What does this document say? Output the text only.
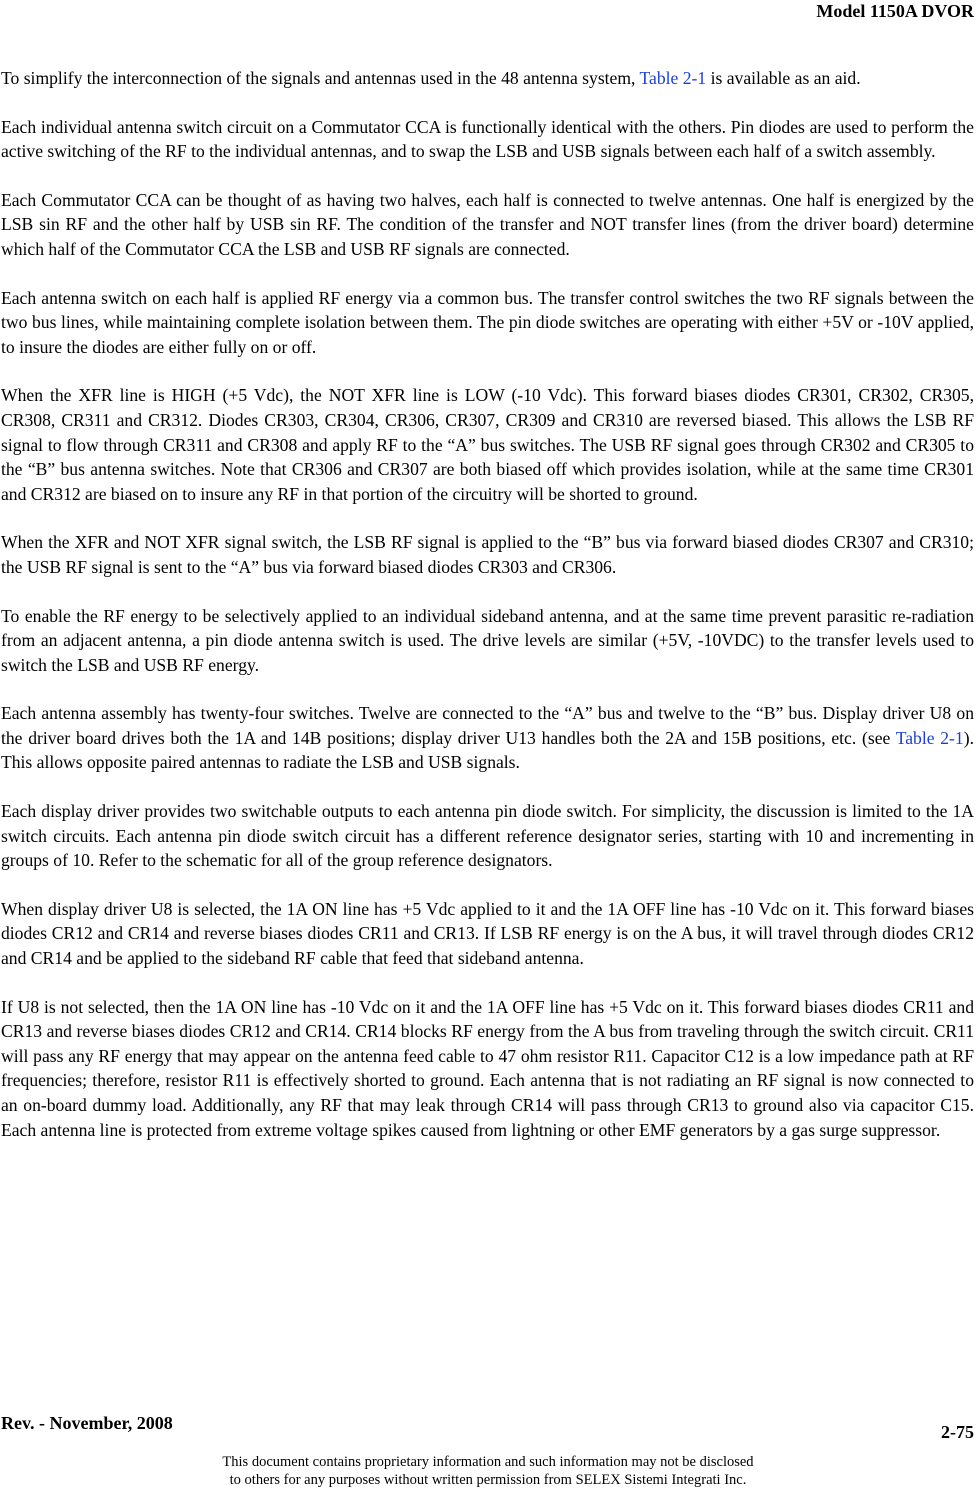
Model 1150A DVOR

To simplify the interconnection of the signals and antennas used in the 48 antenna system, Table 2-1 is available as an aid.

Each individual antenna switch circuit on a Commutator CCA is functionally identical with the others. Pin diodes are used to perform the active switching of the RF to the individual antennas, and to swap the LSB and USB signals between each half of a switch assembly.

Each Commutator CCA can be thought of as having two halves, each half is connected to twelve antennas. One half is energized by the LSB sin RF and the other half by USB sin RF. The condition of the transfer and NOT transfer lines (from the driver board) determine which half of the Commutator CCA the LSB and USB RF signals are connected.

Each antenna switch on each half is applied RF energy via a common bus. The transfer control switches the two RF signals between the two bus lines, while maintaining complete isolation between them. The pin diode switches are operating with either +5V or -10V applied, to insure the diodes are either fully on or off.

When the XFR line is HIGH (+5 Vdc), the NOT XFR line is LOW (-10 Vdc). This forward biases diodes CR301, CR302, CR305, CR308, CR311 and CR312. Diodes CR303, CR304, CR306, CR307, CR309 and CR310 are reversed biased. This allows the LSB RF signal to flow through CR311 and CR308 and apply RF to the “A” bus switches. The USB RF signal goes through CR302 and CR305 to the “B” bus antenna switches. Note that CR306 and CR307 are both biased off which provides isolation, while at the same time CR301 and CR312 are biased on to insure any RF in that portion of the circuitry will be shorted to ground.

When the XFR and NOT XFR signal switch, the LSB RF signal is applied to the “B” bus via forward biased diodes CR307 and CR310; the USB RF signal is sent to the “A” bus via forward biased diodes CR303 and CR306.

To enable the RF energy to be selectively applied to an individual sideband antenna, and at the same time prevent parasitic re-radiation from an adjacent antenna, a pin diode antenna switch is used. The drive levels are similar (+5V, -10VDC) to the transfer levels used to switch the LSB and USB RF energy.

Each antenna assembly has twenty-four switches. Twelve are connected to the “A” bus and twelve to the “B” bus. Display driver U8 on the driver board drives both the 1A and 14B positions; display driver U13 handles both the 2A and 15B positions, etc. (see Table 2-1). This allows opposite paired antennas to radiate the LSB and USB signals.

Each display driver provides two switchable outputs to each antenna pin diode switch. For simplicity, the discussion is limited to the 1A switch circuits. Each antenna pin diode switch circuit has a different reference designator series, starting with 10 and incrementing in groups of 10. Refer to the schematic for all of the group reference designators.

When display driver U8 is selected, the 1A ON line has +5 Vdc applied to it and the 1A OFF line has -10 Vdc on it. This forward biases diodes CR12 and CR14 and reverse biases diodes CR11 and CR13. If LSB RF energy is on the A bus, it will travel through diodes CR12 and CR14 and be applied to the sideband RF cable that feed that sideband antenna.

If U8 is not selected, then the 1A ON line has -10 Vdc on it and the 1A OFF line has +5 Vdc on it. This forward biases diodes CR11 and CR13 and reverse biases diodes CR12 and CR14. CR14 blocks RF energy from the A bus from traveling through the switch circuit. CR11 will pass any RF energy that may appear on the antenna feed cable to 47 ohm resistor R11. Capacitor C12 is a low impedance path at RF frequencies; therefore, resistor R11 is effectively shorted to ground. Each antenna that is not radiating an RF signal is now connected to an on-board dummy load. Additionally, any RF that may leak through CR14 will pass through CR13 to ground also via capacitor C15. Each antenna line is protected from extreme voltage spikes caused from lightning or other EMF generators by a gas surge suppressor.

Rev. - November, 2008	2-75
This document contains proprietary information and such information may not be disclosed
to others for any purposes without written permission from SELEX Sistemi Integrati Inc.
